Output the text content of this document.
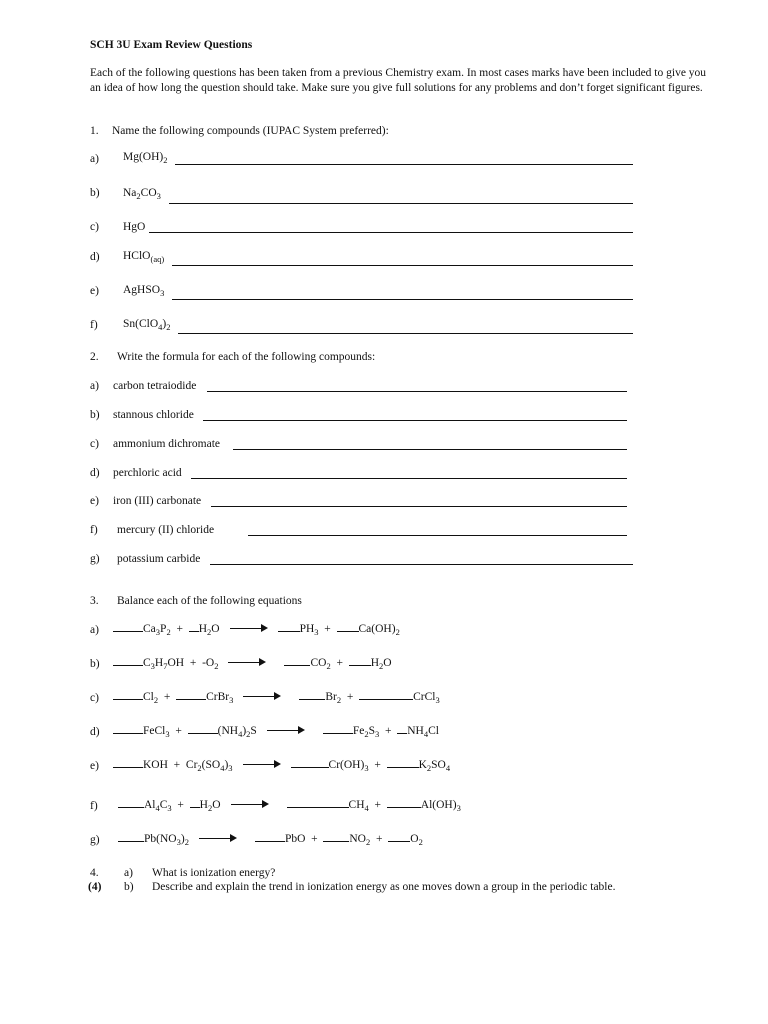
SCH 3U Exam Review Questions
Each of the following questions has been taken from a previous Chemistry exam. In most cases marks have been included to give you an idea of how long the question should take. Make sure you give full solutions for any problems and don’t forget significant figures.
1. Name the following compounds (IUPAC System preferred):
a) $Mg(OH)_2$
b) $Na_2CO_3$
c) HgO
d) HClO$_{(aq)}$
e) AgHSO$_3$
f) $Sn(ClO_4)_2$
2. Write the formula for each of the following compounds:
a) carbon tetraiodide
b) stannous chloride
c) ammonium dichromate
d) perchloric acid
e) iron (III) carbonate
f) mercury (II) chloride
g) potassium carbide
3. Balance each of the following equations
a)	$Ca_3P_2 + H_2O$	$PH_3 + Ca(OH)_2$
b)	$C_3H_7OH + -O_2$	$CO_2 + H_2O$
c)	$Cl_2$  +	CrBr$_3$	$Br_2$  +	CrCl$_3$
d)	FeCl$_3$  +	$(NH_4)_2S$	$Fe_2S_3 + NH_4Cl$
e)	KOH  +  $Cr_2(SO_4)_3$	$Cr(OH)_3$  +	$K_2SO_4$
f)	$Al_4C_3 + H_2O$	$CH_4$  +	$Al(OH)_3$
g)	$Pb(NO_3)_2$	PbO  +  $NO_2 + O_2$
4. a) What is ionization energy?
(4) b) Describe and explain the trend in ionization energy as one moves down a group in the periodic table.
